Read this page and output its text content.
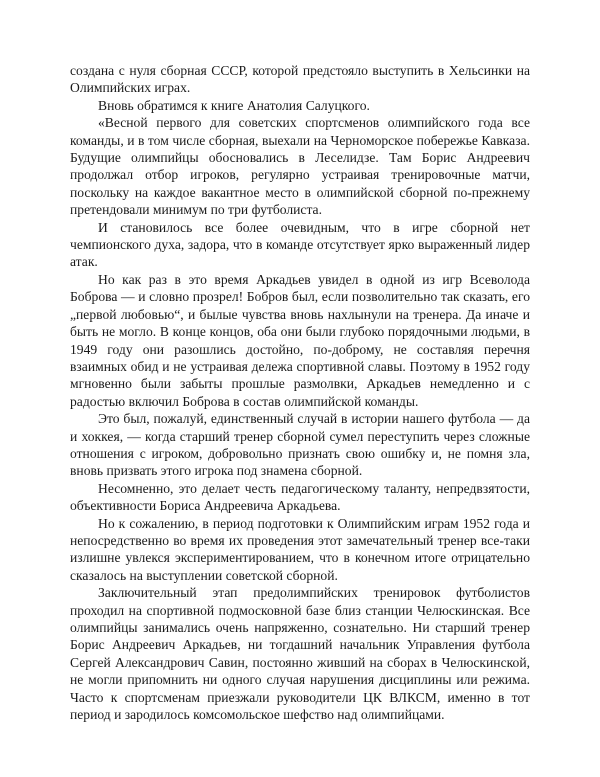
создана с нуля сборная СССР, которой предстояло выступить в Хельсинки на Олимпийских играх.

Вновь обратимся к книге Анатолия Салуцкого.

«Весной первого для советских спортсменов олимпийского года все команды, и в том числе сборная, выехали на Черноморское побережье Кавказа. Будущие олимпийцы обосновались в Леселидзе. Там Борис Андреевич продолжал отбор игроков, регулярно устраивая тренировочные матчи, поскольку на каждое вакантное место в олимпийской сборной по-прежнему претендовали минимум по три футболиста.

И становилось все более очевидным, что в игре сборной нет чемпионского духа, задора, что в команде отсутствует ярко выраженный лидер атак.

Но как раз в это время Аркадьев увидел в одной из игр Всеволода Боброва — и словно прозрел! Бобров был, если позволительно так сказать, его „первой любовью“, и былые чувства вновь нахлынули на тренера. Да иначе и быть не могло. В конце концов, оба они были глубоко порядочными людьми, в 1949 году они разошлись достойно, по-доброму, не составляя перечня взаимных обид и не устраивая дележа спортивной славы. Поэтому в 1952 году мгновенно были забыты прошлые размолвки, Аркадьев немедленно и с радостью включил Боброва в состав олимпийской команды.

Это был, пожалуй, единственный случай в истории нашего футбола — да и хоккея, — когда старший тренер сборной сумел переступить через сложные отношения с игроком, добровольно признать свою ошибку и, не помня зла, вновь призвать этого игрока под знамена сборной.

Несомненно, это делает честь педагогическому таланту, непредвзятости, объективности Бориса Андреевича Аркадьева.

Но к сожалению, в период подготовки к Олимпийским играм 1952 года и непосредственно во время их проведения этот замечательный тренер все-таки излишне увлекся экспериментированием, что в конечном итоге отрицательно сказалось на выступлении советской сборной.

Заключительный этап предолимпийских тренировок футболистов проходил на спортивной подмосковной базе близ станции Челюскинская. Все олимпийцы занимались очень напряженно, сознательно. Ни старший тренер Борис Андреевич Аркадьев, ни тогдашний начальник Управления футбола Сергей Александрович Савин, постоянно живший на сборах в Челюскинской, не могли припомнить ни одного случая нарушения дисциплины или режима. Часто к спортсменам приезжали руководители ЦК ВЛКСМ, именно в тот период и зародилось комсомольское шефство над олимпийцами.
